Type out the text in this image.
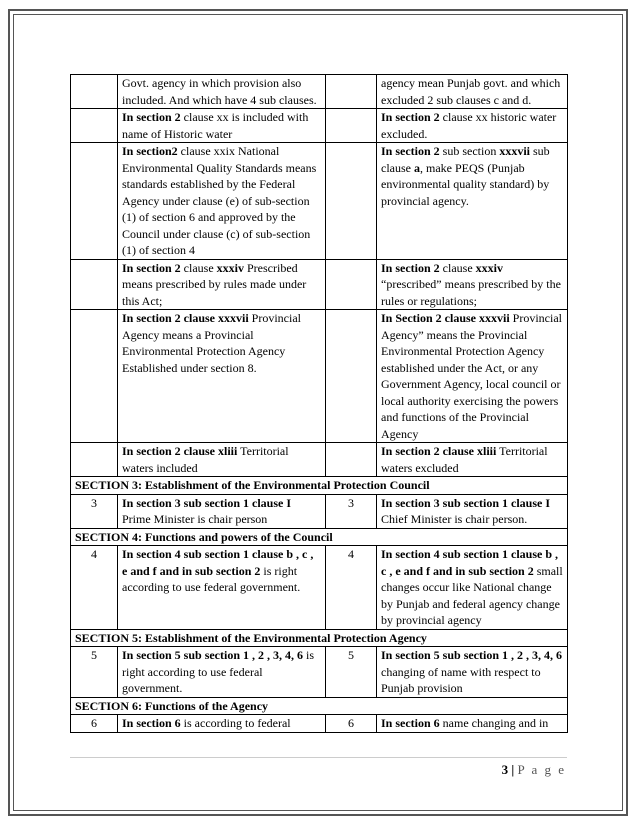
	Govt. agency in which provision also included. And which have 4 sub clauses.		agency mean Punjab govt. and which excluded 2 sub clauses c and d.
	In section 2 clause xx is included with name of Historic water		In section 2 clause xx historic water excluded.
	In section2 clause xxix National Environmental Quality Standards means standards established by the Federal Agency under clause (e) of sub-section (1) of section 6 and approved by the Council under clause (c) of sub-section (1) of section 4		In section 2 sub section xxxvii sub clause a, make PEQS (Punjab environmental quality standard) by provincial agency.
	In section 2 clause xxxiv Prescribed means prescribed by rules made under this Act;		In section 2 clause xxxiv “prescribed” means prescribed by the rules or regulations;
	In section 2 clause xxxvii Provincial Agency means a Provincial Environmental Protection Agency Established under section 8.		In Section 2 clause xxxvii Provincial Agency” means the Provincial Environmental Protection Agency established under the Act, or any Government Agency, local council or local authority exercising the powers and functions of the Provincial Agency
	In section 2 clause xliii Territorial waters included		In section 2 clause xliii Territorial waters excluded
SECTION 3: Establishment of the Environmental Protection Council			
3	In section 3 sub section 1 clause I Prime Minister is chair person	3	In section 3 sub section 1 clause I Chief Minister is chair person.
SECTION 4: Functions and powers of the Council			
4	In section 4 sub section 1 clause b , c , e and f and in sub section 2 is right according to use federal government.	4	In section 4 sub section 1 clause b , c , e and f and in sub section 2 small changes occur like National change by Punjab and federal agency change by provincial agency
SECTION 5: Establishment of the Environmental Protection Agency			
5	In section 5 sub section 1 , 2 , 3, 4, 6 is right according to use federal government.	5	In section 5 sub section 1 , 2 , 3, 4, 6 changing of name with respect to Punjab provision
SECTION 6: Functions of the Agency			
6	In section 6 is according to federal	6	In section 6 name changing and in
3 | P a g e
